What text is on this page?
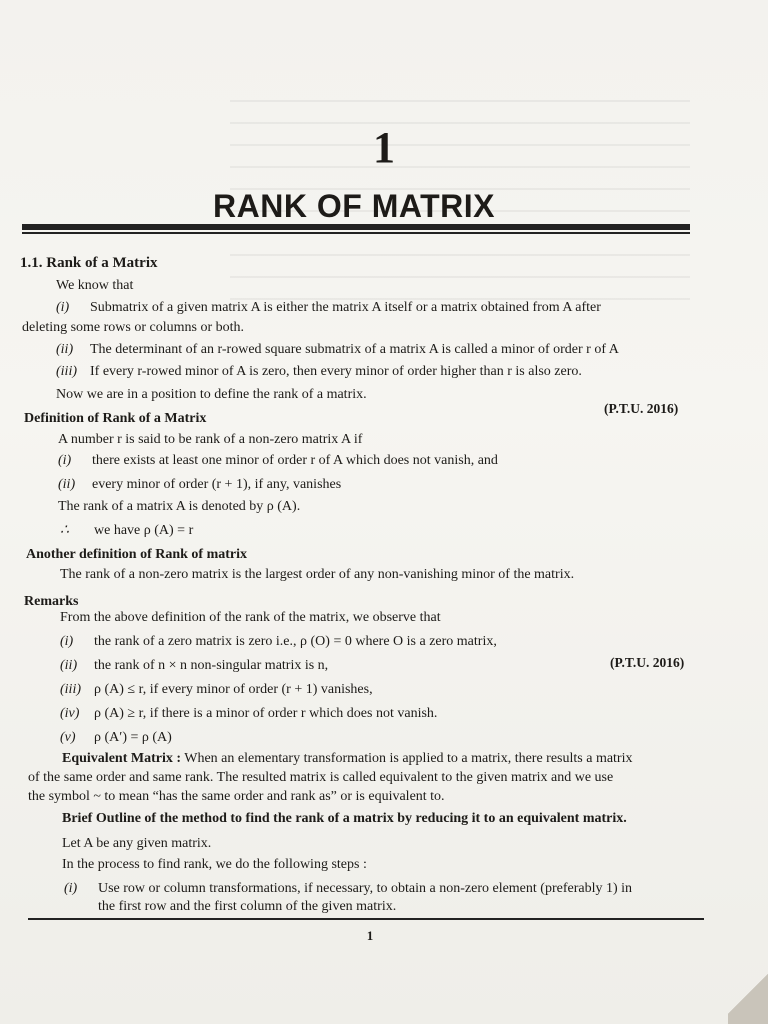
1
RANK OF MATRIX
1.1. Rank of a Matrix
We know that
(i) Submatrix of a given matrix A is either the matrix A itself or a matrix obtained from A after
deleting some rows or columns or both.
(ii) The determinant of an r-rowed square submatrix of a matrix A is called a minor of order r of A
(iii) If every r-rowed minor of A is zero, then every minor of order higher than r is also zero.
Now we are in a position to define the rank of a matrix.
Definition of Rank of a Matrix
(P.T.U. 2016)
A number r is said to be rank of a non-zero matrix A if
(i) there exists at least one minor of order r of A which does not vanish, and
(ii) every minor of order (r + 1), if any, vanishes
The rank of a matrix A is denoted by ρ (A).
∴ we have ρ (A) = r
Another definition of Rank of matrix
The rank of a non-zero matrix is the largest order of any non-vanishing minor of the matrix.
Remarks
From the above definition of the rank of the matrix, we observe that
(i) the rank of a zero matrix is zero i.e., ρ (O) = 0 where O is a zero matrix,
(ii) the rank of n × n non-singular matrix is n,	(P.T.U. 2016)
(iii) ρ (A) ≤ r, if every minor of order (r + 1) vanishes,
(iv) ρ (A) ≥ r, if there is a minor of order r which does not vanish.
(v) ρ (A′) = ρ (A)
Equivalent Matrix : When an elementary transformation is applied to a matrix, there results a matrix
of the same order and same rank. The resulted matrix is called equivalent to the given matrix and we use
the symbol ~ to mean “has the same order and rank as” or is equivalent to.
Brief Outline of the method to find the rank of a matrix by reducing it to an equivalent matrix.
Let A be any given matrix.
In the process to find rank, we do the following steps :
(i) Use row or column transformations, if necessary, to obtain a non-zero element (preferably 1) in
the first row and the first column of the given matrix.
1
